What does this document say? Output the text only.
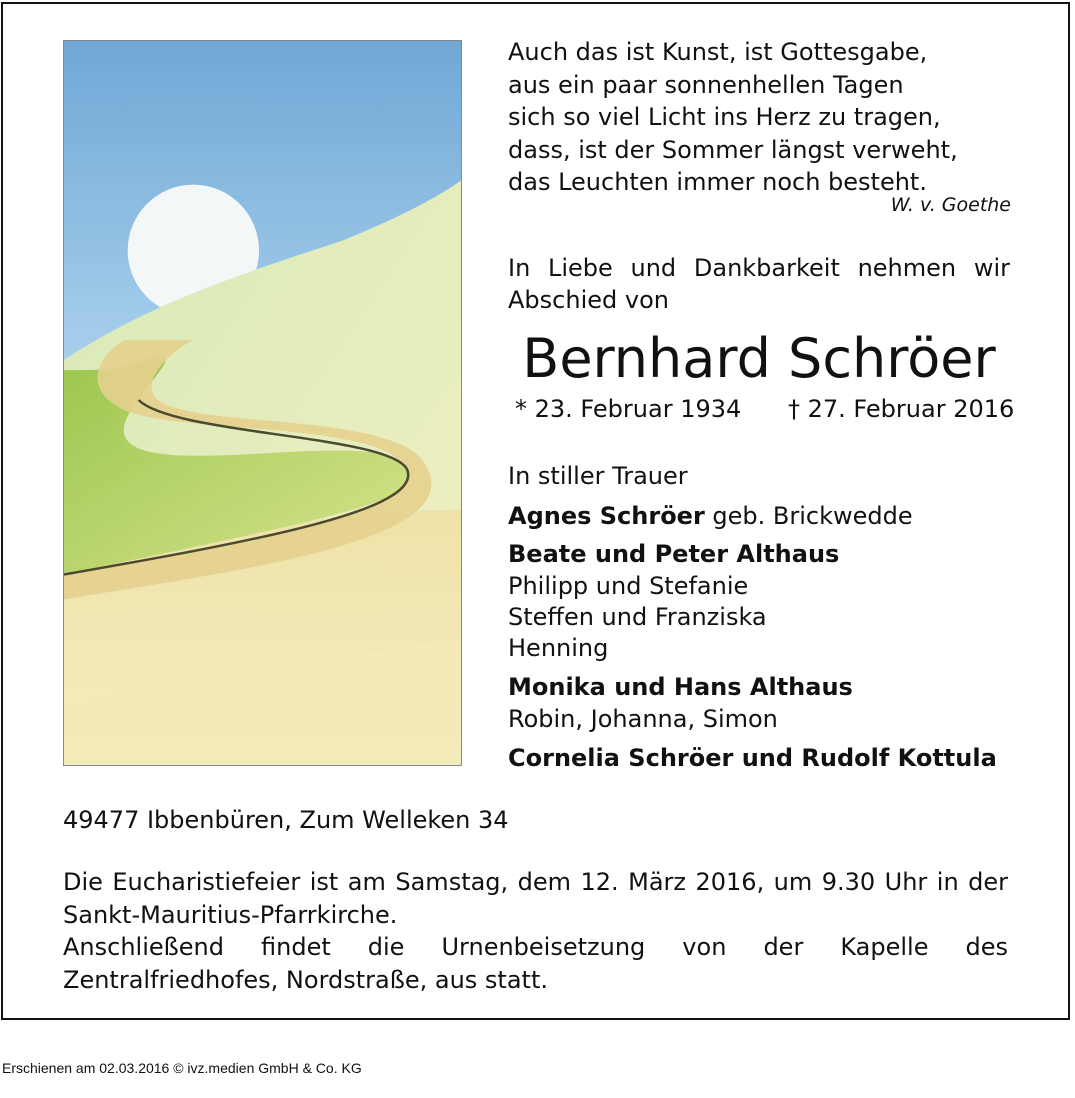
Auch das ist Kunst, ist Gottesgabe,
aus ein paar sonnenhellen Tagen
sich so viel Licht ins Herz zu tragen,
dass, ist der Sommer längst verweht,
das Leuchten immer noch besteht.
W. v. Goethe
In Liebe und Dankbarkeit nehmen wir Abschied von
Bernhard Schröer
* 23. Februar 1934 † 27. Februar 2016
In stiller Trauer
Agnes Schröer geb. Brickwedde
Beate und Peter Althaus
Philipp und Stefanie
Steffen und Franziska
Henning
Monika und Hans Althaus
Robin, Johanna, Simon
Cornelia Schröer und Rudolf Kottula
49477 Ibbenbüren, Zum Welleken 34

Die Eucharistiefeier ist am Samstag, dem 12. März 2016, um 9.30 Uhr in der Sankt-Mauritius-Pfarrkirche.

Anschließend findet die Urnenbeisetzung von der Kapelle des Zentralfriedhofes, Nordstraße, aus statt.

Erschienen am 02.03.2016 © ivz.medien GmbH & Co. KG
